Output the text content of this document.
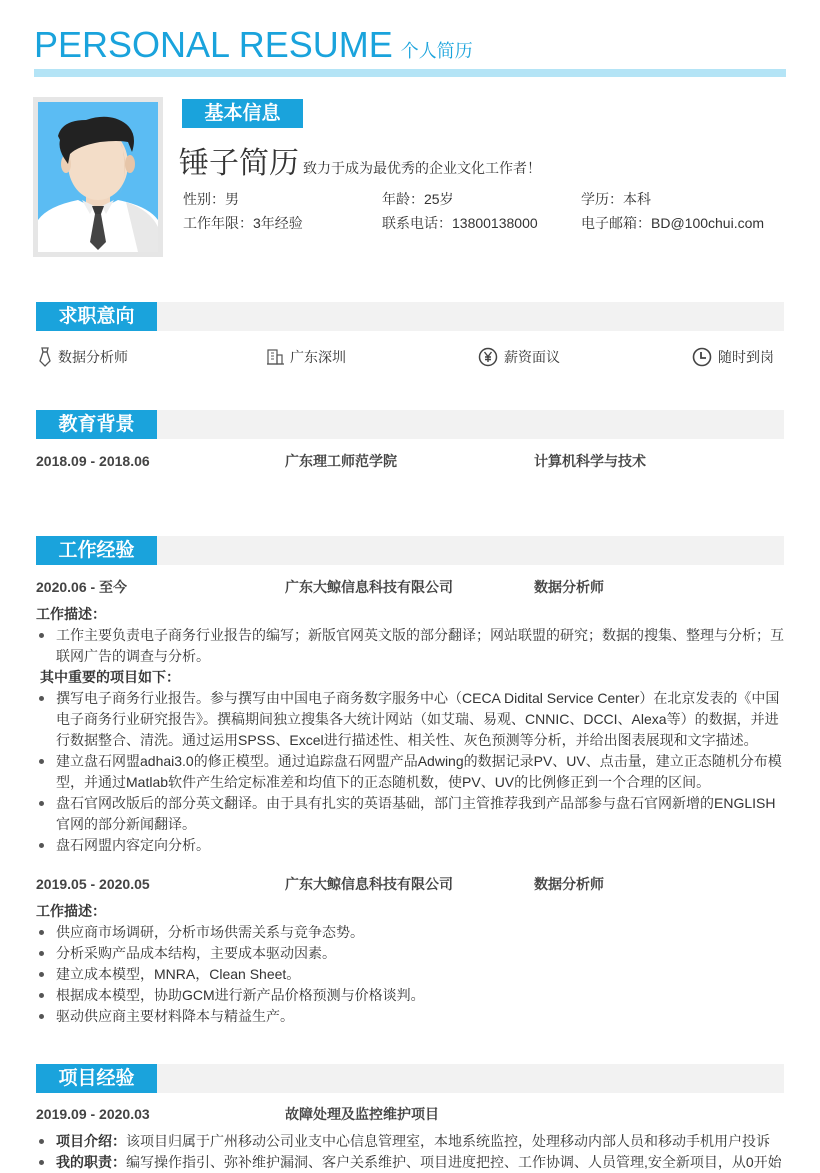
PERSONAL RESUME 个人简历
基本信息
锤子简历 致力于成为最优秀的企业文化工作者！
性别：男	年龄：25岁	学历：本科
工作年限：3年经验	联系电话：13800138000	电子邮箱：BD@100chui.com
求职意向
数据分析师	广东深圳	薪资面议	随时到岗
教育背景
2018.09 - 2018.06	广东理工师范学院	计算机科学与技术
工作经验
2020.06 - 至今	广东大鲸信息科技有限公司	数据分析师
工作描述：
工作主要负责电子商务行业报告的编写；新版官网英文版的部分翻译；网站联盟的研究；数据的搜集、整理与分析；互联网广告的调查与分析。
其中重要的项目如下：
撰写电子商务行业报告。参与撰写由中国电子商务数字服务中心（CECA Didital Service Center）在北京发表的《中国电子商务行业研究报告》。撰稿期间独立搜集各大统计网站（如艾瑞、易观、CNNIC、DCCI、Alexa等）的数据，并进行数据整合、清洗。通过运用SPSS、Excel进行描述性、相关性、灰色预测等分析，并给出图表展现和文字描述。
建立盘石网盟adhai3.0的修正模型。通过追踪盘石网盟产品Adwing的数据记录PV、UV、点击量，建立正态随机分布模型，并通过Matlab软件产生给定标准差和均值下的正态随机数，使PV、UV的比例修正到一个合理的区间。
盘石官网改版后的部分英文翻译。由于具有扎实的英语基础，部门主管推荐我到产品部参与盘石官网新增的ENGLISH官网的部分新闻翻译。
盘石网盟内容定向分析。
2019.05 - 2020.05	广东大鲸信息科技有限公司	数据分析师
工作描述：
供应商市场调研，分析市场供需关系与竞争态势。
分析采购产品成本结构，主要成本驱动因素。
建立成本模型，MNRA，Clean Sheet。
根据成本模型，协助GCM进行新产品价格预测与价格谈判。
驱动供应商主要材料降本与精益生产。
项目经验
2019.09 - 2020.03	故障处理及监控维护项目
项目介绍：该项目归属于广州移动公司业支中心信息管理室，本地系统监控，处理移动内部人员和移动手机用户投诉
我的职责：编写操作指引、弥补维护漏洞、客户关系维护、项目进度把控、工作协调、人员管理,安全新项目，从0开始
